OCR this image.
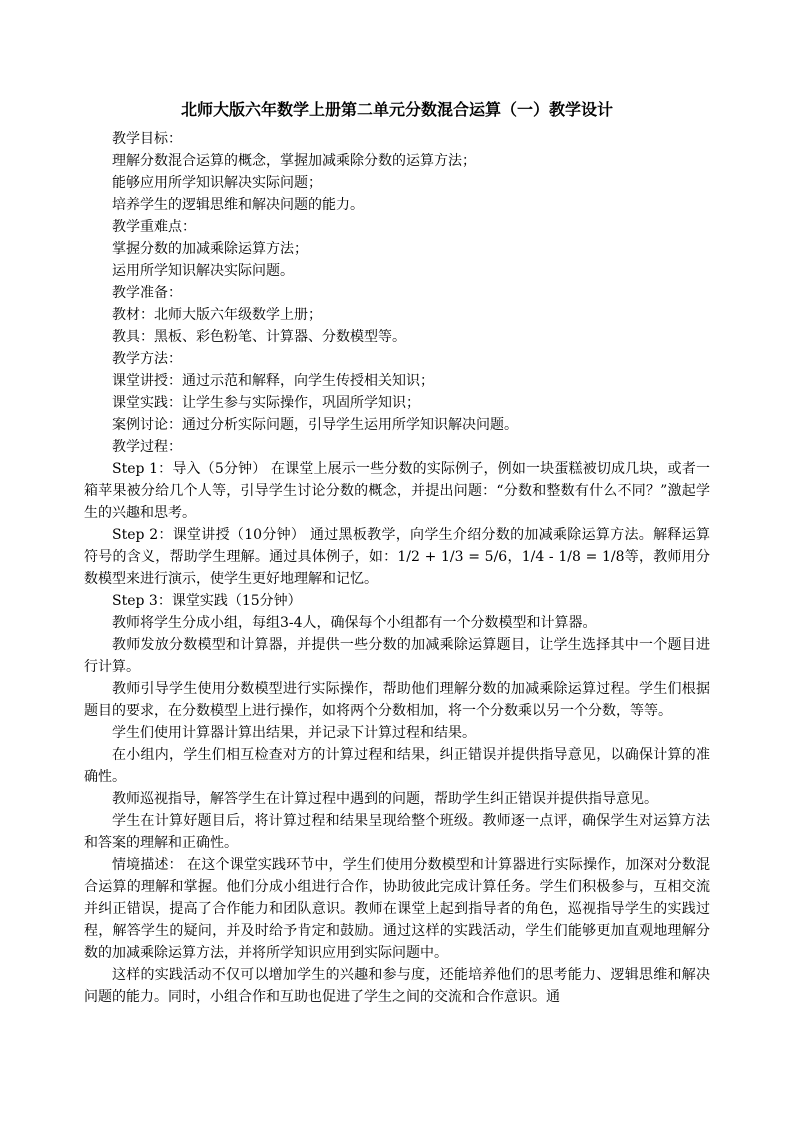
北师大版六年数学上册第二单元分数混合运算（一）教学设计

教学目标：

理解分数混合运算的概念，掌握加减乘除分数的运算方法；

能够应用所学知识解决实际问题；

培养学生的逻辑思维和解决问题的能力。

教学重难点：

掌握分数的加减乘除运算方法；

运用所学知识解决实际问题。

教学准备：

教材：北师大版六年级数学上册；

教具：黑板、彩色粉笔、计算器、分数模型等。

教学方法：

课堂讲授：通过示范和解释，向学生传授相关知识；

课堂实践：让学生参与实际操作，巩固所学知识；

案例讨论：通过分析实际问题，引导学生运用所学知识解决问题。

教学过程：

Step 1：导入（5分钟） 在课堂上展示一些分数的实际例子，例如一块蛋糕被切成几块，或者一箱苹果被分给几个人等，引导学生讨论分数的概念，并提出问题：“分数和整数有什么不同？”激起学生的兴趣和思考。

Step 2：课堂讲授（10分钟） 通过黑板教学，向学生介绍分数的加减乘除运算方法。解释运算符号的含义，帮助学生理解。通过具体例子，如：1/2 + 1/3 = 5/6，1/4 - 1/8 = 1/8等，教师用分数模型来进行演示，使学生更好地理解和记忆。

Step 3：课堂实践（15分钟）

教师将学生分成小组，每组3-4人，确保每个小组都有一个分数模型和计算器。

教师发放分数模型和计算器，并提供一些分数的加减乘除运算题目，让学生选择其中一个题目进行计算。

教师引导学生使用分数模型进行实际操作，帮助他们理解分数的加减乘除运算过程。学生们根据题目的要求，在分数模型上进行操作，如将两个分数相加，将一个分数乘以另一个分数，等等。

学生们使用计算器计算出结果，并记录下计算过程和结果。

在小组内，学生们相互检查对方的计算过程和结果，纠正错误并提供指导意见，以确保计算的准确性。

教师巡视指导，解答学生在计算过程中遇到的问题，帮助学生纠正错误并提供指导意见。

学生在计算好题目后，将计算过程和结果呈现给整个班级。教师逐一点评，确保学生对运算方法和答案的理解和正确性。

情境描述： 在这个课堂实践环节中，学生们使用分数模型和计算器进行实际操作，加深对分数混合运算的理解和掌握。他们分成小组进行合作，协助彼此完成计算任务。学生们积极参与，互相交流并纠正错误，提高了合作能力和团队意识。教师在课堂上起到指导者的角色，巡视指导学生的实践过程，解答学生的疑问，并及时给予肯定和鼓励。通过这样的实践活动，学生们能够更加直观地理解分数的加减乘除运算方法，并将所学知识应用到实际问题中。

这样的实践活动不仅可以增加学生的兴趣和参与度，还能培养他们的思考能力、逻辑思维和解决问题的能力。同时，小组合作和互助也促进了学生之间的交流和合作意识。通
